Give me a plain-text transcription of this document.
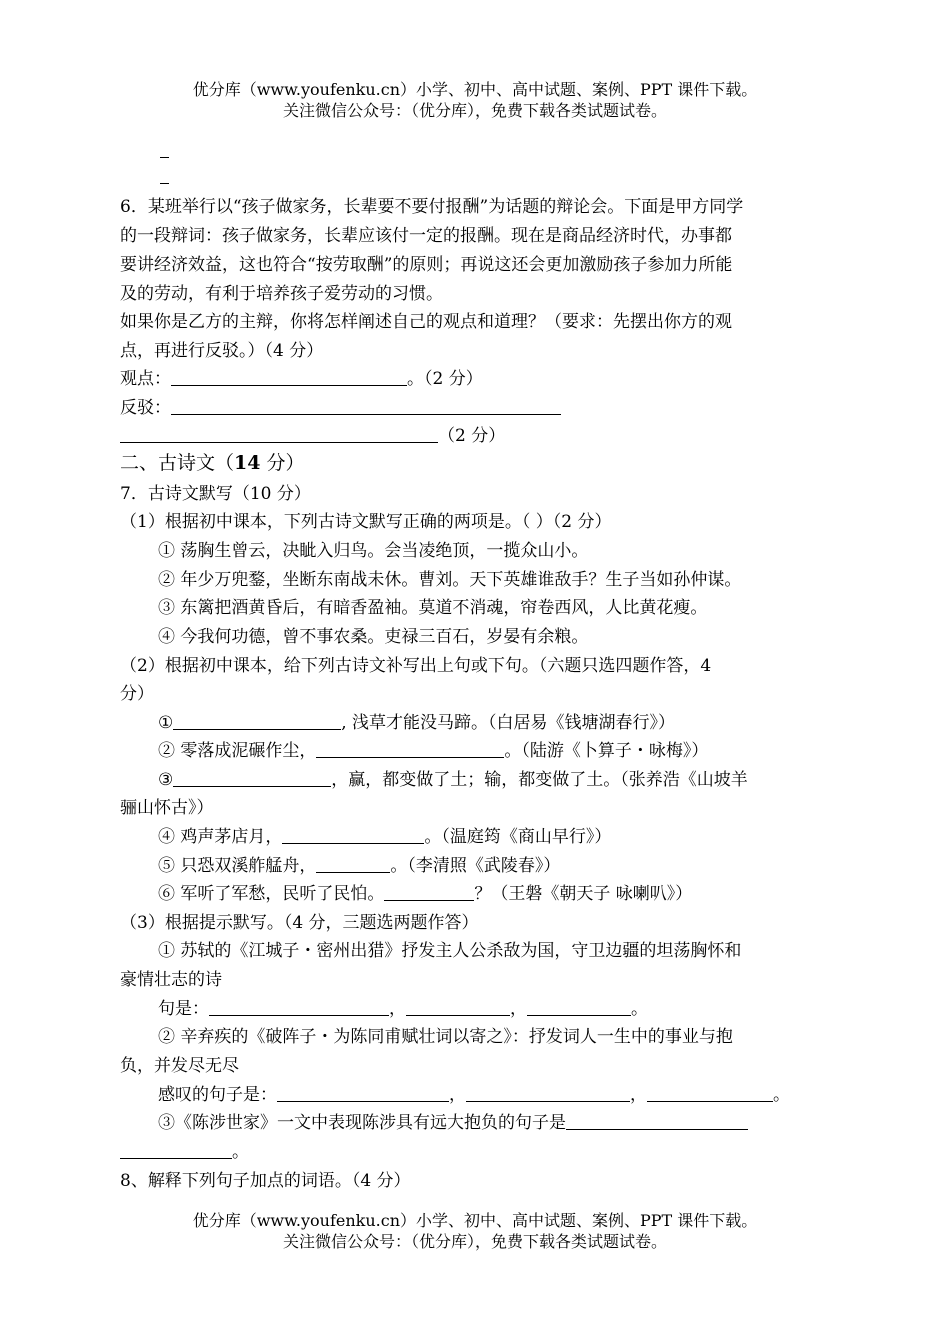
优分库（www.youfenku.cn）小学、初中、高中试题、案例、PPT 课件下载。
关注微信公众号：（优分库），免费下载各类试题试卷。
6．某班举行以“孩子做家务，长辈要不要付报酬”为话题的辩论会。下面是甲方同学
的一段辩词：孩子做家务，长辈应该付一定的报酬。现在是商品经济时代，办事都
要讲经济效益，这也符合“按劳取酬”的原则；再说这还会更加激励孩子参加力所能
及的劳动，有利于培养孩子爱劳动的习惯。
如果你是乙方的主辩，你将怎样阐述自己的观点和道理？（要求：先摆出你方的观
点，再进行反驳。）（4 分）
观点：	。（2 分）
反驳：
（2 分）
二、古诗文（14 分）
7．古诗文默写（10 分）
（1）根据初中课本，下列古诗文默写正确的两项是。（ ）（2 分）
① 荡胸生曾云，决眦入归鸟。会当凌绝顶，一揽众山小。
② 年少万兜鍪，坐断东南战未休。曹刘。天下英雄谁敌手？生子当如孙仲谋。
③ 东篱把酒黄昏后，有暗香盈袖。莫道不消魂，帘卷西风，人比黄花瘦。
④ 今我何功德，曾不事农桑。吏禄三百石，岁晏有余粮。
（2）根据初中课本，给下列古诗文补写出上句或下句。（六题只选四题作答，4
分）
①	, 浅草才能没马蹄。（白居易《钱塘湖春行》）
② 零落成泥碾作尘，	。（陆游《卜算子・咏梅》）
③	，赢，都变做了土；输，都变做了土。（张养浩《山坡羊
骊山怀古》）
④ 鸡声茅店月，	。（温庭筠《商山早行》）
⑤ 只恐双溪舴艋舟，	。（李清照《武陵春》）
⑥ 军听了军愁，民听了民怕。	？（王磐《朝天子 咏喇叭》）
（3）根据提示默写。（4 分，三题选两题作答）
① 苏轼的《江城子・密州出猎》抒发主人公杀敌为国，守卫边疆的坦荡胸怀和
豪情壮志的诗
句是：	，	，	。
② 辛弃疾的《破阵子・为陈同甫赋壮词以寄之》：抒发词人一生中的事业与抱
负，并发尽无尽
感叹的句子是：	，	，	。
③《陈涉世家》一文中表现陈涉具有远大抱负的句子是
。
8、解释下列句子加点的词语。（4 分）
优分库（www.youfenku.cn）小学、初中、高中试题、案例、PPT 课件下载。
关注微信公众号：（优分库），免费下载各类试题试卷。
